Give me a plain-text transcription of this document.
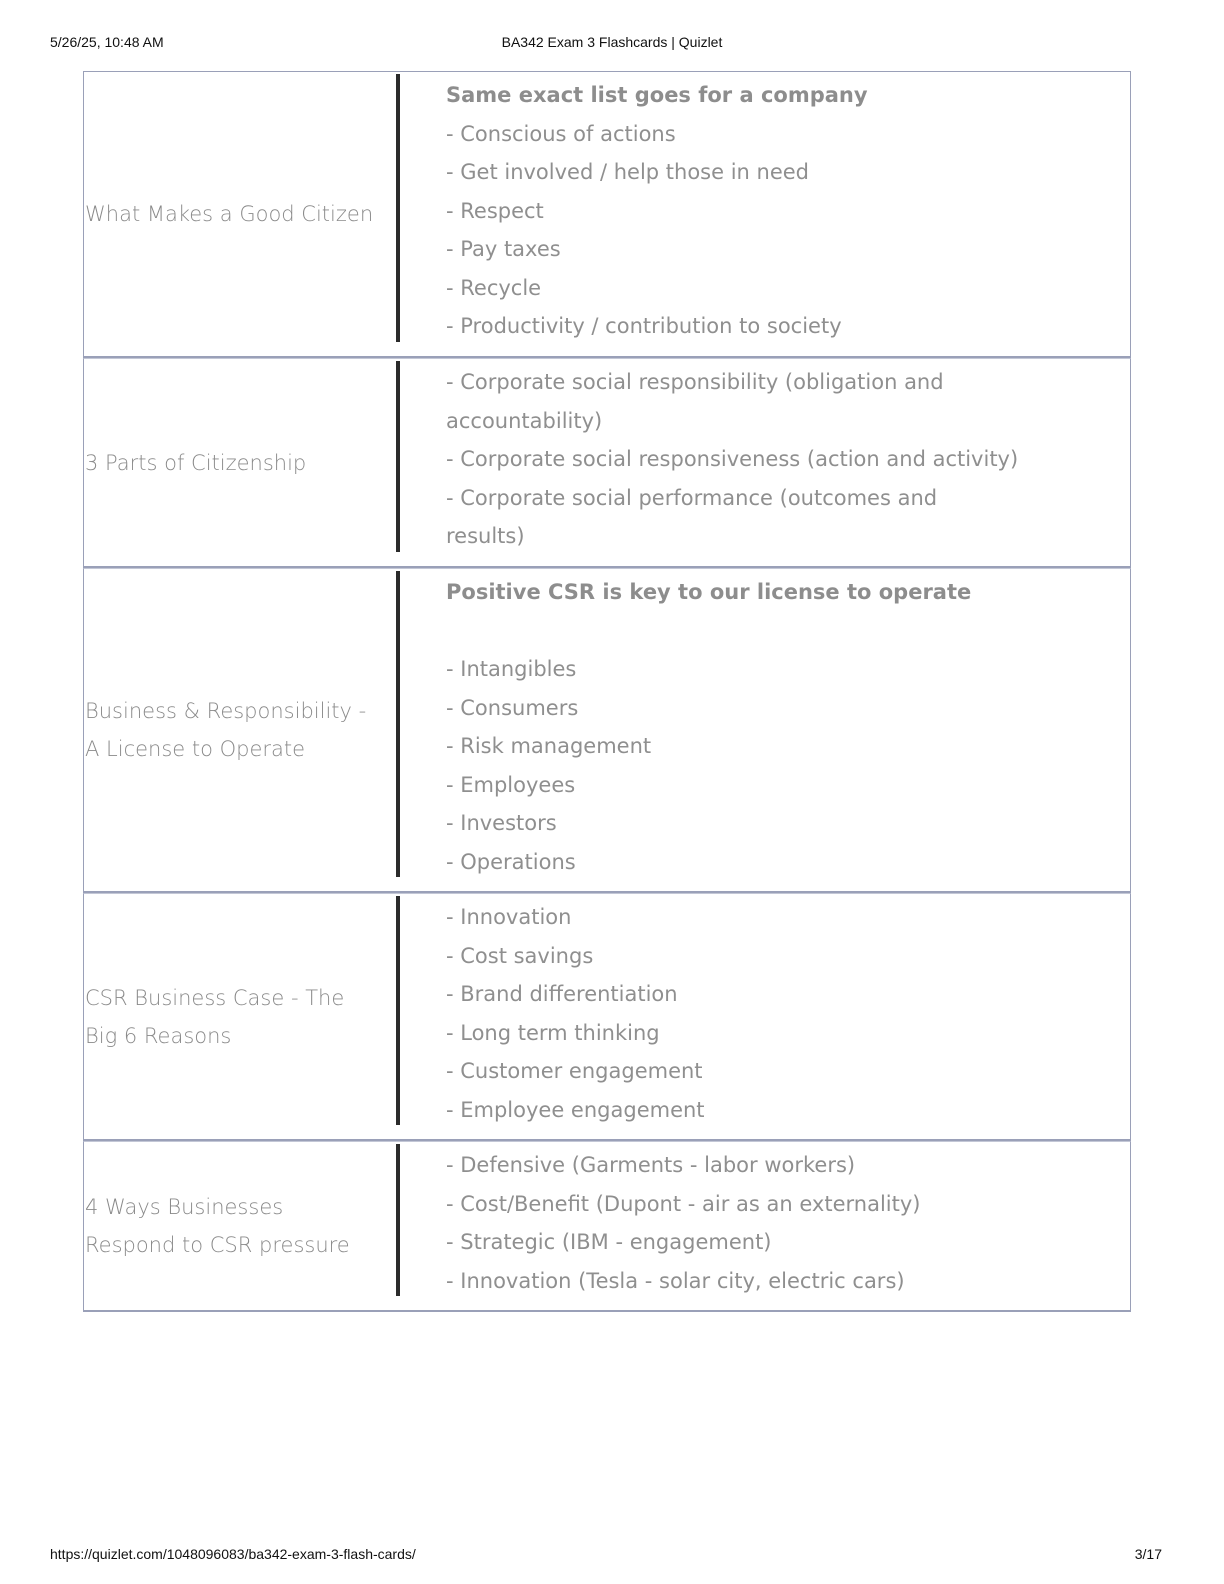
5/26/25, 10:48 AM	BA342 Exam 3 Flashcards | Quizlet
What Makes a Good Citizen
Same exact list goes for a company
- Conscious of actions
- Get involved / help those in need
- Respect
- Pay taxes
- Recycle
- Productivity / contribution to society
3 Parts of Citizenship
- Corporate social responsibility (obligation and
accountability)
- Corporate social responsiveness (action and activity)
- Corporate social performance (outcomes and
results)
Business & Responsibility - A License to Operate
Positive CSR is key to our license to operate
- Intangibles
- Consumers
- Risk management
- Employees
- Investors
- Operations
CSR Business Case - The Big 6 Reasons
- Innovation
- Cost savings
- Brand differentiation
- Long term thinking
- Customer engagement
- Employee engagement
4 Ways Businesses Respond to CSR pressure
- Defensive (Garments - labor workers)
- Cost/Benefit (Dupont - air as an externality)
- Strategic (IBM - engagement)
- Innovation (Tesla - solar city, electric cars)
https://quizlet.com/1048096083/ba342-exam-3-flash-cards/	3/17
